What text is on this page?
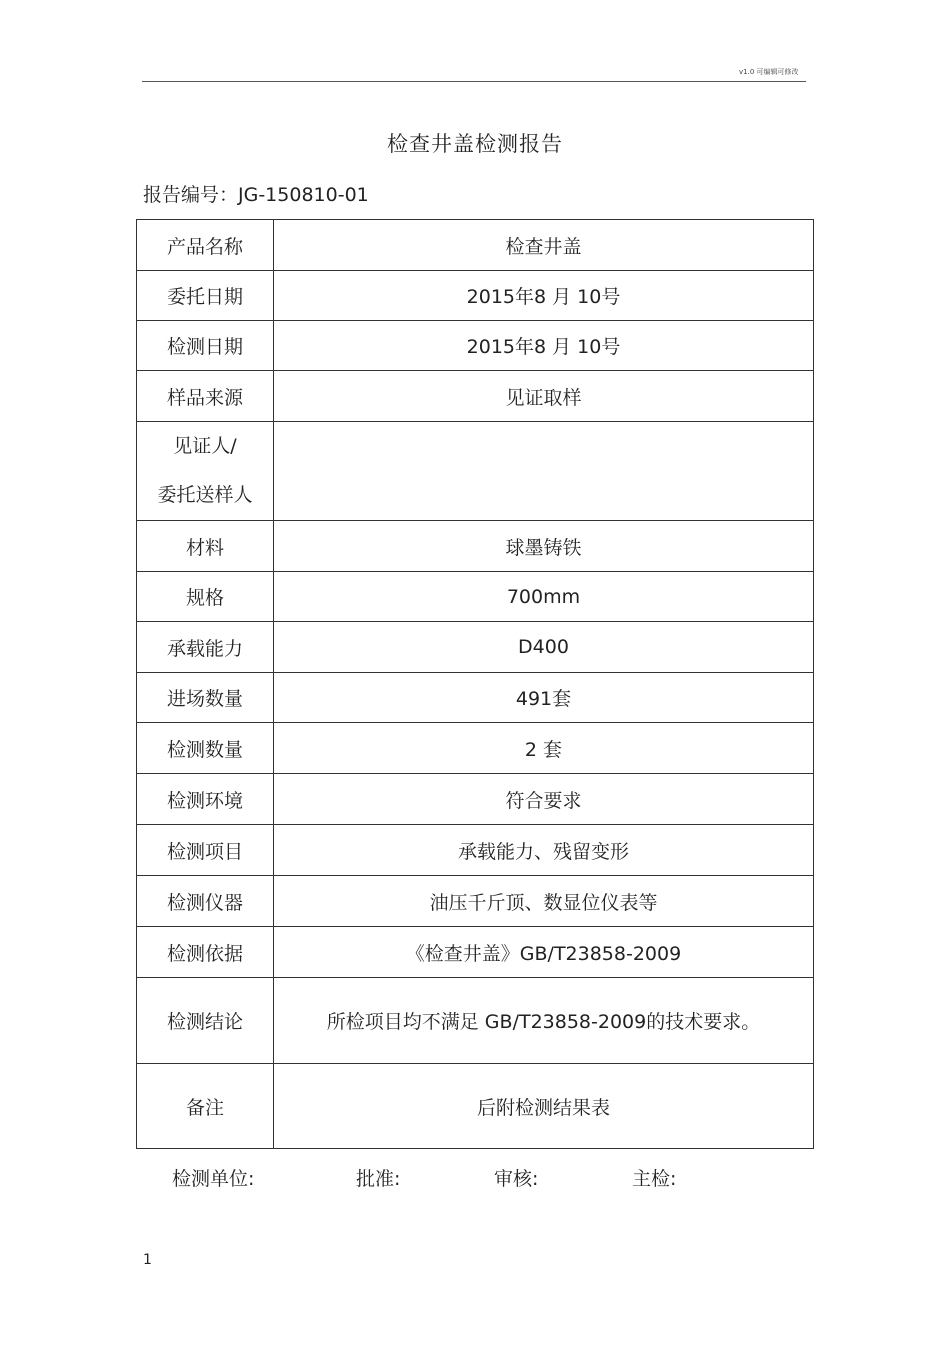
v1.0 可编辑可修改
检查井盖检测报告
报告编号：JG-150810-01
产品名称	检查井盖
委托日期	2015年8 月 10号
检测日期	2015年8 月 10号
样品来源	见证取样

见证人/
委托送样人	

材料	球墨铸铁
规格	700mm
承载能力	D400
进场数量	491套
检测数量	2 套
检测环境	符合要求
检测项目	承载能力、残留变形
检测仪器	油压千斤顶、数显位仪表等
检测依据	《检查井盖》GB/T23858-2009
检测结论	所检项目均不满足 GB/T23858-2009的技术要求。
备注	后附检测结果表
检测单位:	批准:	审核:	主检:
1
